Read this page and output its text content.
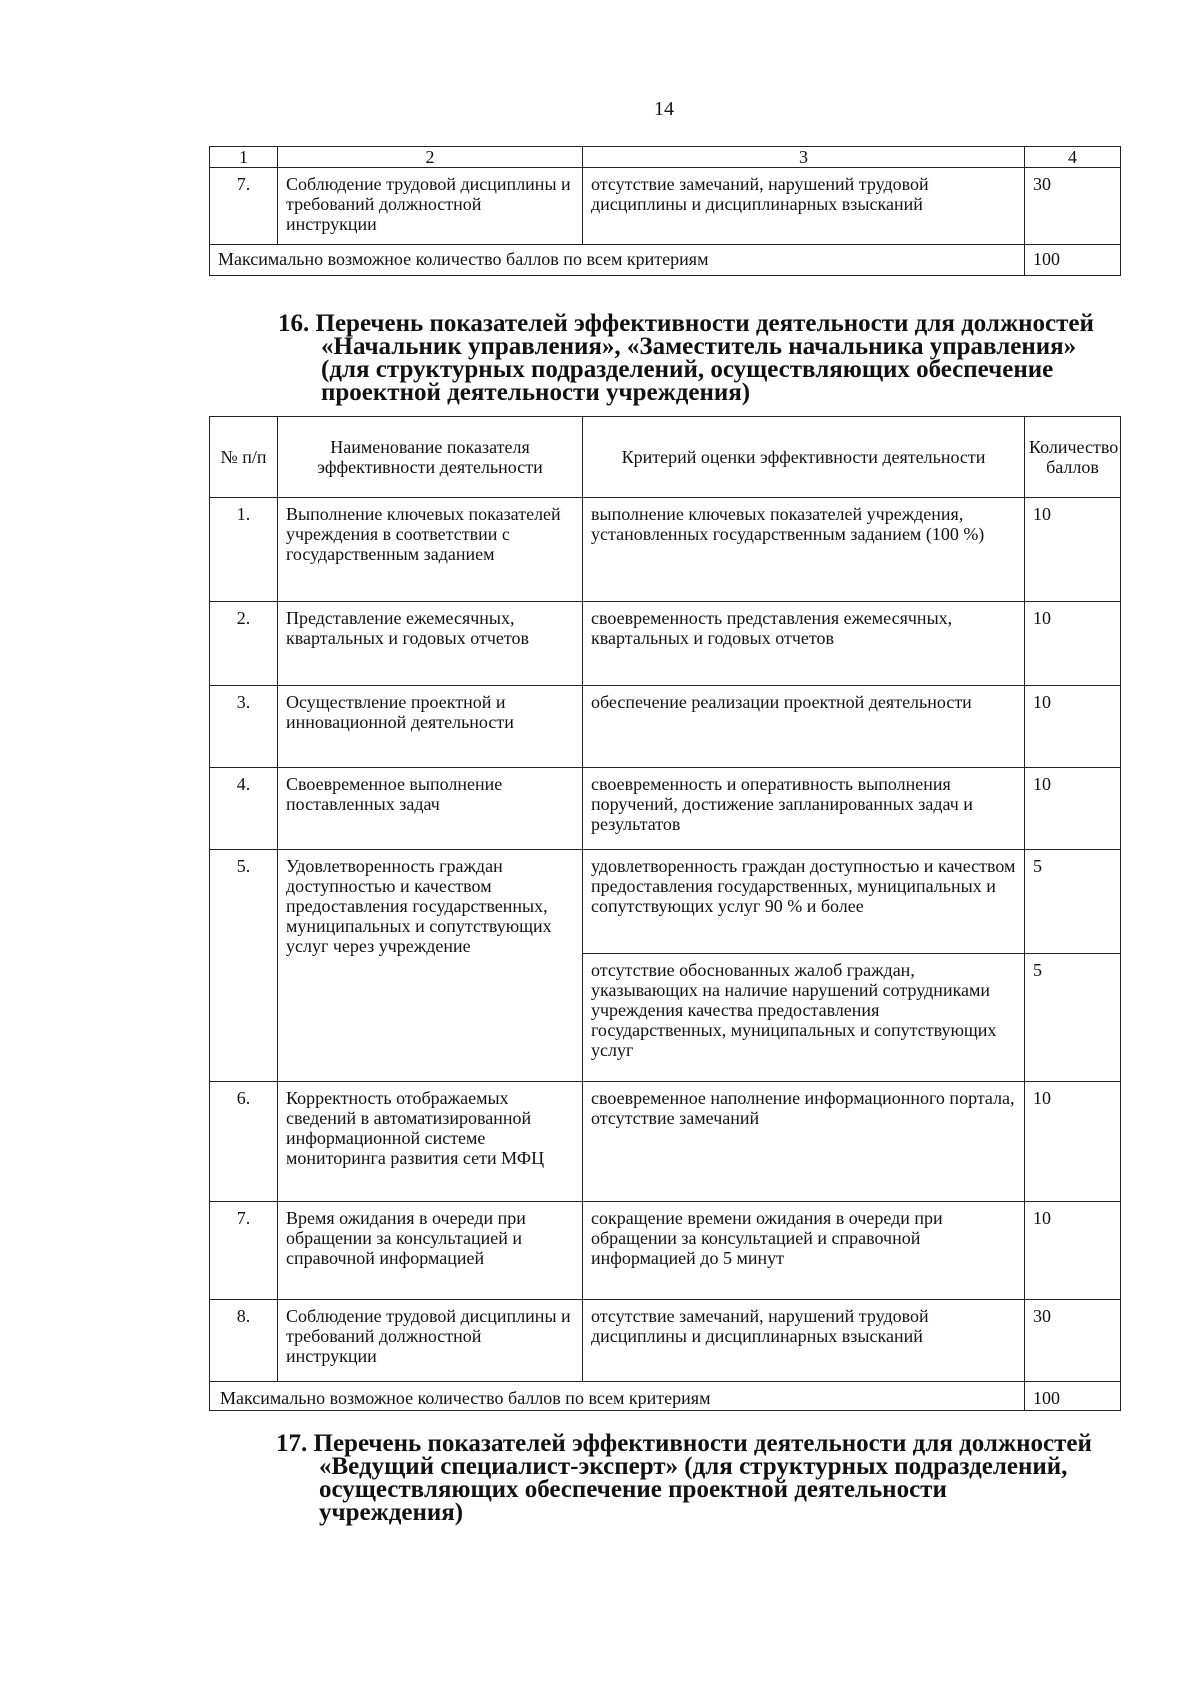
14
1	2	3	4
7.	Соблюдение трудовой дисциплины и требований должностной инструкции	отсутствие замечаний, нарушений трудовой дисциплины и дисциплинарных взысканий	30
Максимально возможное количество баллов по всем критериям			100
16. Перечень показателей эффективности деятельности для должностей
«Начальник управления», «Заместитель начальника управления»
(для структурных подразделений, осуществляющих обеспечение
проектной деятельности учреждения)
№ п/п	Наименование показателя эффективности деятельности	Критерий оценки эффективности деятельности	Количество баллов
1.	Выполнение ключевых показателей учреждения в соответствии с государственным заданием	выполнение ключевых показателей учреждения, установленных государственным заданием (100 %)	10
2.	Представление ежемесячных, квартальных и годовых отчетов	своевременность представления ежемесячных, квартальных и годовых отчетов	10
3.	Осуществление проектной и инновационной деятельности	обеспечение реализации проектной деятельности	10
4.	Своевременное выполнение поставленных задач	своевременность и оперативность выполнения поручений, достижение запланированных задач и результатов	10
5.	Удовлетворенность граждан доступностью и качеством предоставления государственных, муниципальных и сопутствующих услуг через учреждение	удовлетворенность граждан доступностью и качеством предоставления государственных, муниципальных и сопутствующих услуг 90 % и более	5
		отсутствие обоснованных жалоб граждан, указывающих на наличие нарушений сотрудниками учреждения качества предоставления государственных, муниципальных и сопутствующих услуг	5
6.	Корректность отображаемых сведений в автоматизированной информационной системе мониторинга развития сети МФЦ	своевременное наполнение информационного портала, отсутствие замечаний	10
7.	Время ожидания в очереди при обращении за консультацией и справочной информацией	сокращение времени ожидания в очереди при обращении за консультацией и справочной информацией до 5 минут	10
8.	Соблюдение трудовой дисциплины и требований должностной инструкции	отсутствие замечаний, нарушений трудовой дисциплины и дисциплинарных взысканий	30
Максимально возможное количество баллов по всем критериям			100
17. Перечень показателей эффективности деятельности для должностей
«Ведущий специалист-эксперт» (для структурных подразделений,
осуществляющих обеспечение проектной деятельности
учреждения)
